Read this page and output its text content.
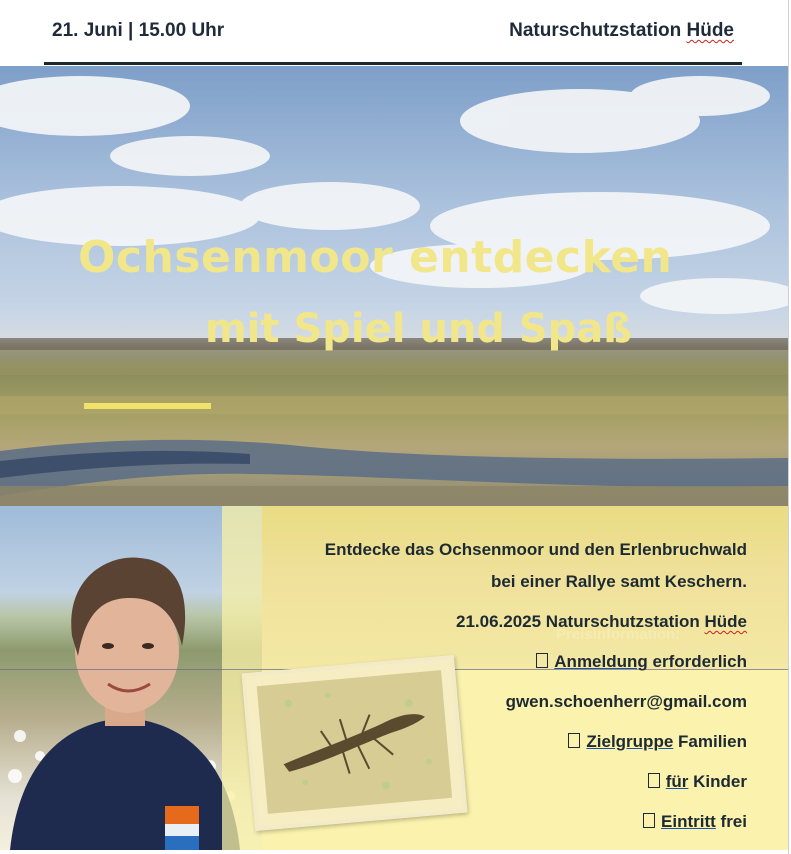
21. Juni | 15.00 Uhr	Naturschutzstation Hüde
Ochsenmoor entdecken
mit Spiel und Spaß
Entdecke das Ochsenmoor und den Erlenbruchwald
bei einer Rallye samt Keschern.
21.06.2025 Naturschutzstation Hüde
Preisinformation:
Anmeldung erforderlich
gwen.schoenherr@gmail.com
Zielgruppe Familien
für Kinder
Eintritt frei
